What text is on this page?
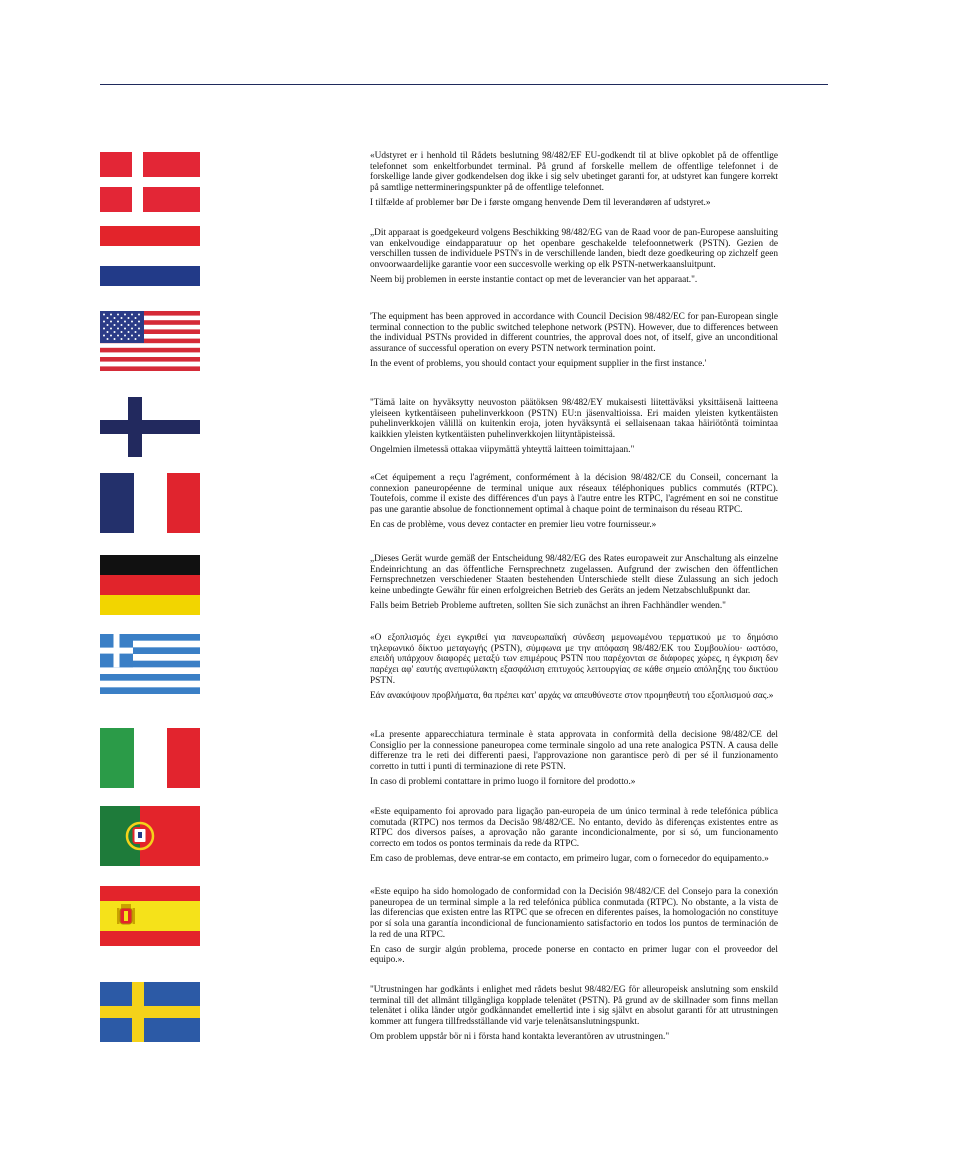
«Udstyret er i henhold til Rådets beslutning 98/482/EF EU-godkendt til at blive opkoblet på de offentlige telefonnet som enkeltforbundet terminal. På grund af forskelle mellem de offentlige telefonnet i de forskellige lande giver godkendelsen dog ikke i sig selv ubetinget garanti for, at udstyret kan fungere korrekt på samtlige nettermineringspunkter på de offentlige telefonnet.

I tilfælde af problemer bør De i første omgang henvende Dem til leverandøren af udstyret.»

„Dit apparaat is goedgekeurd volgens Beschikking 98/482/EG van de Raad voor de pan-Europese aansluiting van enkelvoudige eindapparatuur op het openbare geschakelde telefoonnetwerk (PSTN). Gezien de verschillen tussen de individuele PSTN's in de verschillende landen, biedt deze goedkeuring op zichzelf geen onvoorwaardelijke garantie voor een succesvolle werking op elk PSTN-netwerkaansluitpunt.

Neem bij problemen in eerste instantie contact op met de leverancier van het apparaat.".

'The equipment has been approved in accordance with Council Decision 98/482/EC for pan-European single terminal connection to the public switched telephone network (PSTN). However, due to differences between the individual PSTNs provided in different countries, the approval does not, of itself, give an unconditional assurance of successful operation on every PSTN network termination point.

In the event of problems, you should contact your equipment supplier in the first instance.'

"Tämä laite on hyväksytty neuvoston päätöksen 98/482/EY mukaisesti liitettäväksi yksittäisenä laitteena yleiseen kytkentäiseen puhelinverkkoon (PSTN) EU:n jäsenvaltioissa. Eri maiden yleisten kytkentäisten puhelinverkkojen välillä on kuitenkin eroja, joten hyväksyntä ei sellaisenaan takaa häiriötöntä toimintaa kaikkien yleisten kytkentäisten puhelinverkkojen liityntäpisteissä.

Ongelmien ilmetessä ottakaa viipymättä yhteyttä laitteen toimittajaan."

«Cet équipement a reçu l'agrément, conformément à la décision 98/482/CE du Conseil, concernant la connexion paneuropéenne de terminal unique aux réseaux téléphoniques publics commutés (RTPC). Toutefois, comme il existe des différences d'un pays à l'autre entre les RTPC, l'agrément en soi ne constitue pas une garantie absolue de fonctionnement optimal à chaque point de terminaison du réseau RTPC.

En cas de problème, vous devez contacter en premier lieu votre fournisseur.»

„Dieses Gerät wurde gemäß der Entscheidung 98/482/EG des Rates europaweit zur Anschaltung als einzelne Endeinrichtung an das öffentliche Fernsprechnetz zugelassen. Aufgrund der zwischen den öffentlichen Fernsprechnetzen verschiedener Staaten bestehenden Unterschiede stellt diese Zulassung an sich jedoch keine unbedingte Gewähr für einen erfolgreichen Betrieb des Geräts an jedem Netzabschlußpunkt dar.

Falls beim Betrieb Probleme auftreten, sollten Sie sich zunächst an ihren Fachhändler wenden."

«Ο εξοπλισμός έχει εγκριθεί για πανευρωπαϊκή σύνδεση μεμονωμένου τερματικού με το δημόσιο τηλεφωνικό δίκτυο μεταγωγής (PSTN), σύμφωνα με την απόφαση 98/482/ΕΚ του Συμβουλίου· ωστόσο, επειδή υπάρχουν διαφορές μεταξύ των επιμέρους PSTN που παρέχονται σε διάφορες χώρες, η έγκριση δεν παρέχει αφ' εαυτής ανεπιφύλακτη εξασφάλιση επιτυχούς λειτουργίας σε κάθε σημείο απόληξης του δικτύου PSTN.

Εάν ανακύψουν προβλήματα, θα πρέπει κατ' αρχάς να απευθύνεστε στον προμηθευτή του εξοπλισμού σας.»

«La presente apparecchiatura terminale è stata approvata in conformità della decisione 98/482/CE del Consiglio per la connessione paneuropea come terminale singolo ad una rete analogica PSTN. A causa delle differenze tra le reti dei differenti paesi, l'approvazione non garantisce però di per sé il funzionamento corretto in tutti i punti di terminazione di rete PSTN.

In caso di problemi contattare in primo luogo il fornitore del prodotto.»

«Este equipamento foi aprovado para ligação pan-europeia de um único terminal à rede telefónica pública comutada (RTPC) nos termos da Decisão 98/482/CE. No entanto, devido às diferenças existentes entre as RTPC dos diversos países, a aprovação não garante incondicionalmente, por si só, um funcionamento correcto em todos os pontos terminais da rede da RTPC.

Em caso de problemas, deve entrar-se em contacto, em primeiro lugar, com o fornecedor do equipamento.»

«Este equipo ha sido homologado de conformidad con la Decisión 98/482/CE del Consejo para la conexión paneuropea de un terminal simple a la red telefónica pública conmutada (RTPC). No obstante, a la vista de las diferencias que existen entre las RTPC que se ofrecen en diferentes países, la homologación no constituye por sí sola una garantía incondicional de funcionamiento satisfactorio en todos los puntos de terminación de la red de una RTPC.

En caso de surgir algún problema, procede ponerse en contacto en primer lugar con el proveedor del equipo.».

"Utrustningen har godkänts i enlighet med rådets beslut 98/482/EG för alleuropeisk anslutning som enskild terminal till det allmänt tillgängliga kopplade telenätet (PSTN). På grund av de skillnader som finns mellan telenätet i olika länder utgör godkännandet emellertid inte i sig självt en absolut garanti för att utrustningen kommer att fungera tillfredsställande vid varje telenätsanslutningspunkt.

Om problem uppstår bör ni i första hand kontakta leverantören av utrustningen."
